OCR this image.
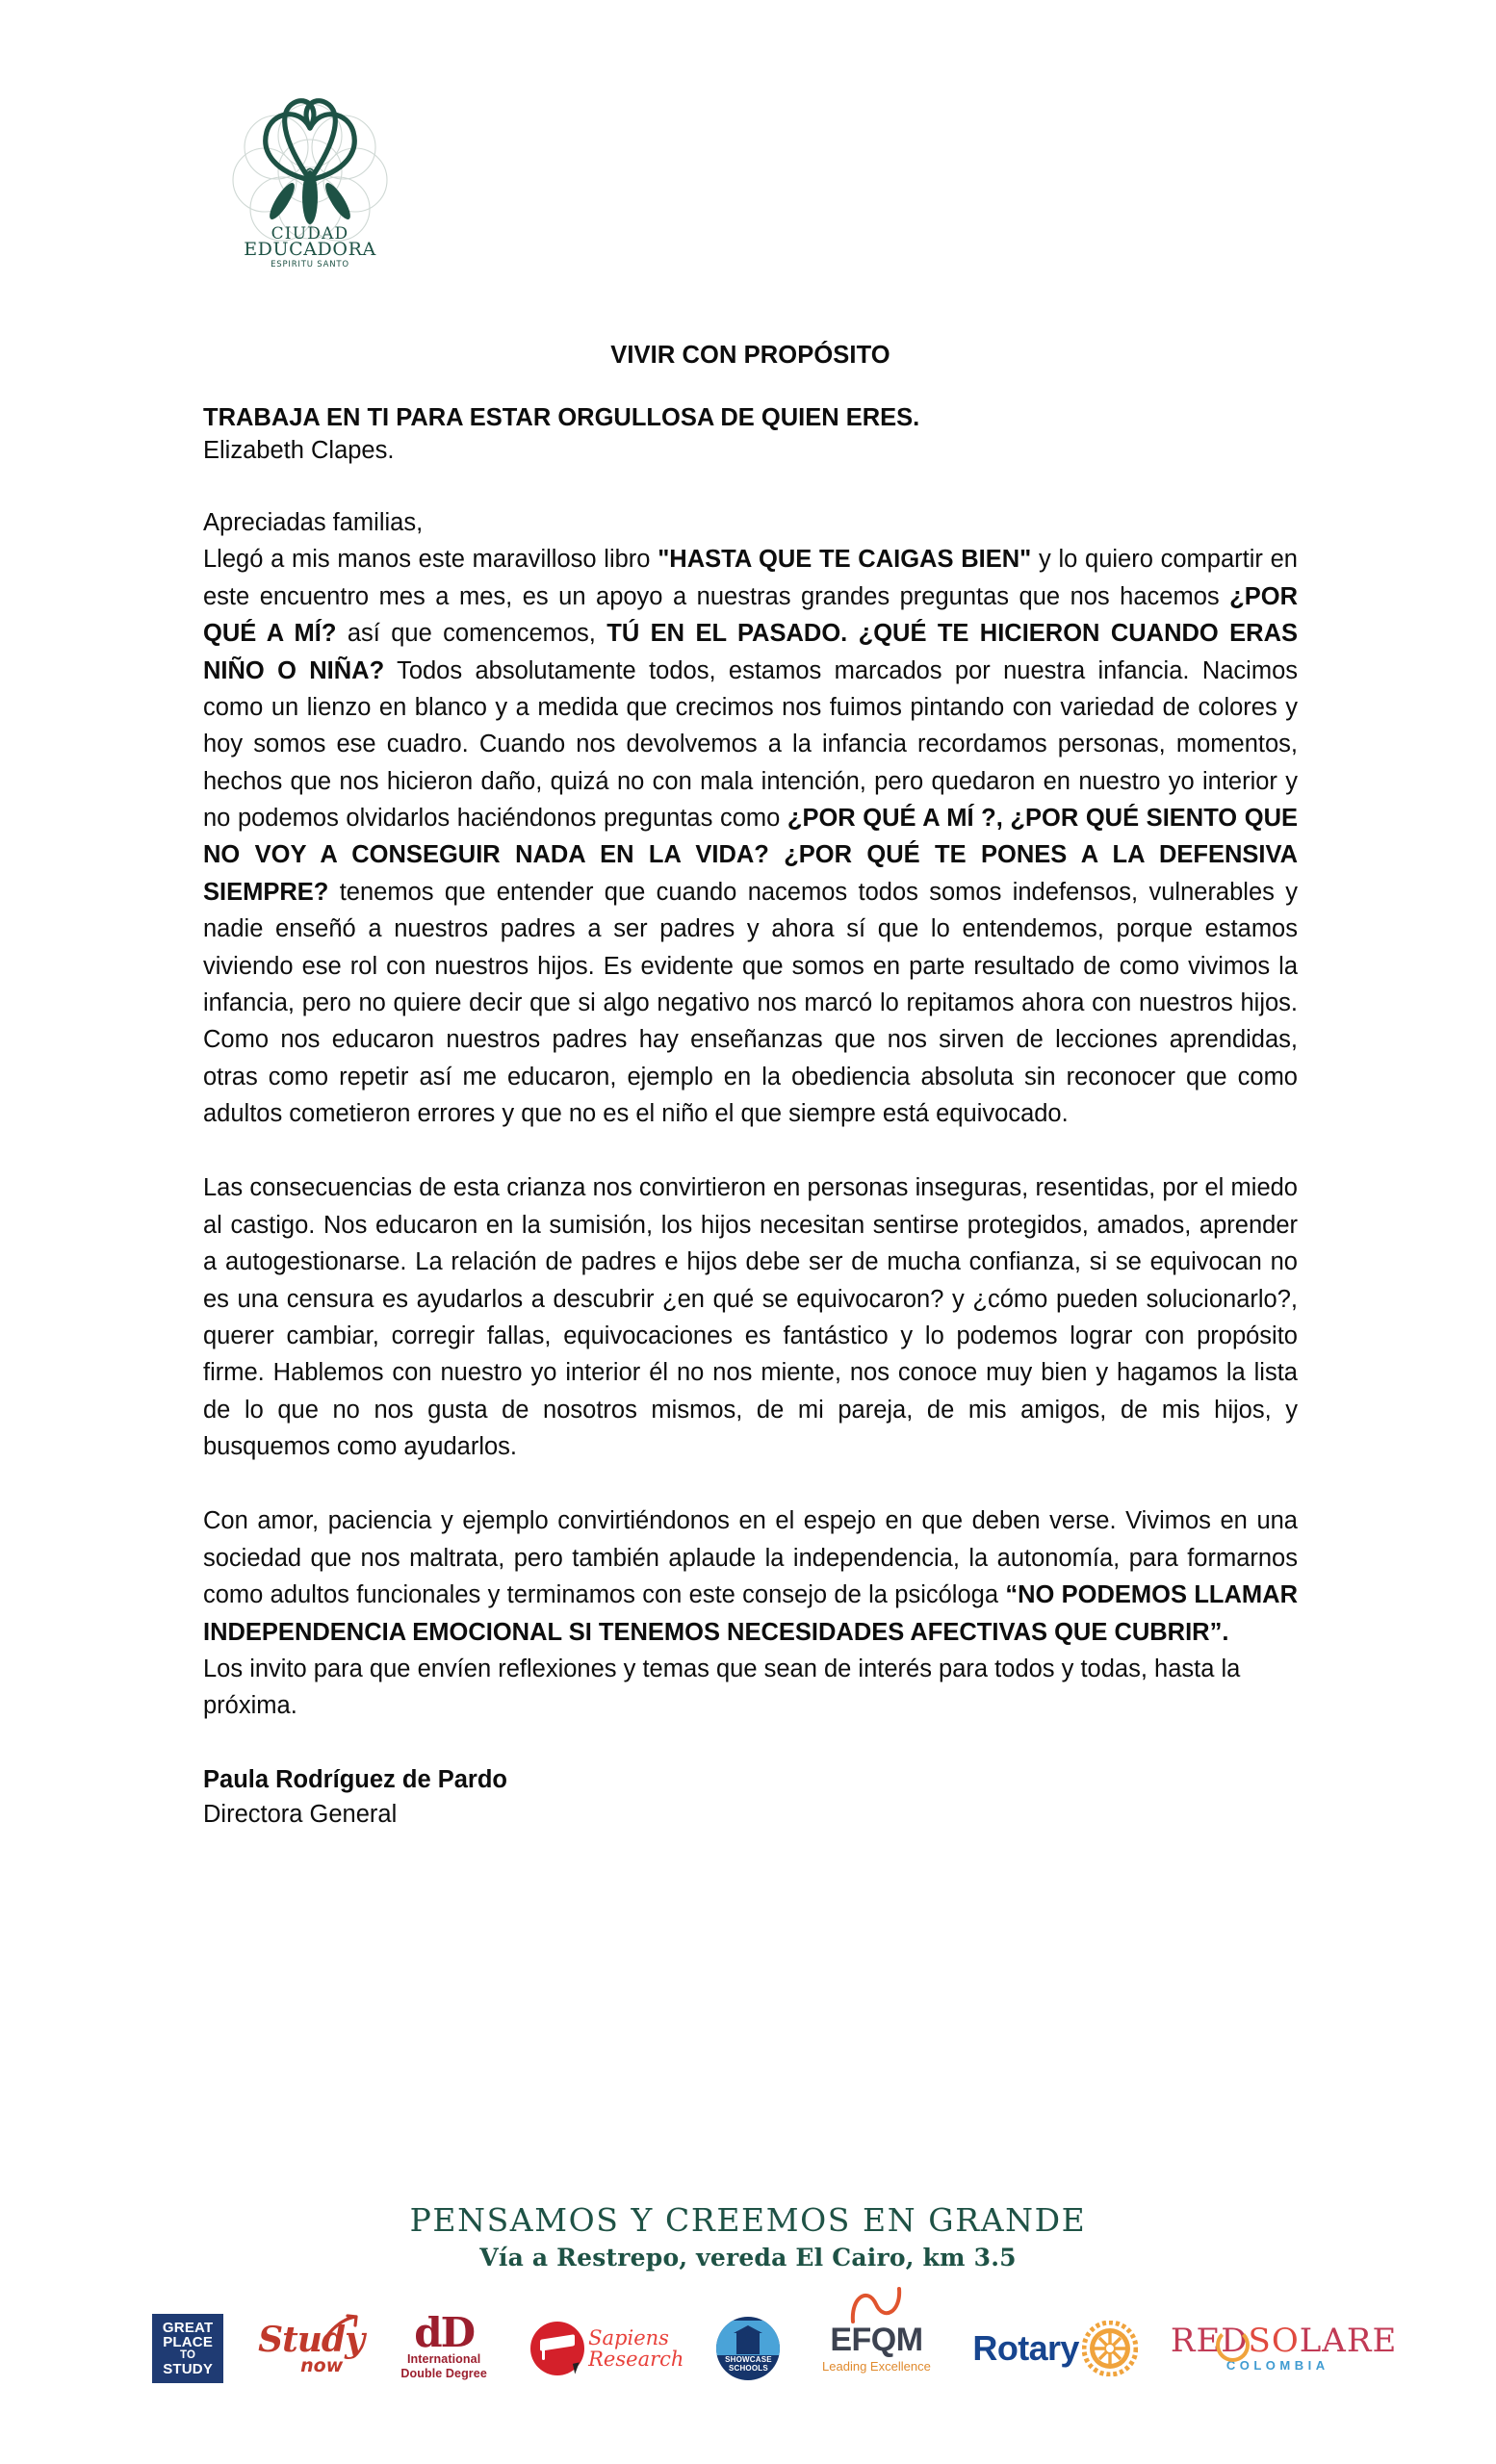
CIUDAD
EDUCADORA
ESPIRITU SANTO
VIVIR CON PROPÓSITO
TRABAJA EN TI PARA ESTAR ORGULLOSA DE QUIEN ERES.
Elizabeth Clapes.

Apreciadas familias,

Llegó a mis manos este maravilloso libro "HASTA QUE TE CAIGAS BIEN" y lo quiero compartir en este encuentro mes a mes, es un apoyo a nuestras grandes preguntas que nos hacemos ¿POR QUÉ A MÍ? así que comencemos, TÚ EN EL PASADO. ¿QUÉ TE HICIERON CUANDO ERAS NIÑO O NIÑA? Todos absolutamente todos, estamos marcados por nuestra infancia. Nacimos como un lienzo en blanco y a medida que crecimos nos fuimos pintando con variedad de colores y hoy somos ese cuadro. Cuando nos devolvemos a la infancia recordamos personas, momentos, hechos que nos hicieron daño, quizá no con mala intención, pero quedaron en nuestro yo interior y no podemos olvidarlos haciéndonos preguntas como ¿POR QUÉ A MÍ ?, ¿POR QUÉ SIENTO QUE NO VOY A CONSEGUIR NADA EN LA VIDA? ¿POR QUÉ TE PONES A LA DEFENSIVA SIEMPRE? tenemos que entender que cuando nacemos todos somos indefensos, vulnerables y nadie enseñó a nuestros padres a ser padres y ahora sí que lo entendemos, porque estamos viviendo ese rol con nuestros hijos. Es evidente que somos en parte resultado de como vivimos la infancia, pero no quiere decir que si algo negativo nos marcó lo repitamos ahora con nuestros hijos. Como nos educaron nuestros padres hay enseñanzas que nos sirven de lecciones aprendidas, otras como repetir así me educaron, ejemplo en la obediencia absoluta sin reconocer que como adultos cometieron errores y que no es el niño el que siempre está equivocado.

Las consecuencias de esta crianza nos convirtieron en personas inseguras, resentidas, por el miedo al castigo. Nos educaron en la sumisión, los hijos necesitan sentirse protegidos, amados, aprender a autogestionarse. La relación de padres e hijos debe ser de mucha confianza, si se equivocan no es una censura es ayudarlos a descubrir ¿en qué se equivocaron? y ¿cómo pueden solucionarlo?, querer cambiar, corregir fallas, equivocaciones es fantástico y lo podemos lograr con propósito firme. Hablemos con nuestro yo interior él no nos miente, nos conoce muy bien y hagamos la lista de lo que no nos gusta de nosotros mismos, de mi pareja, de mis amigos, de mis hijos, y busquemos como ayudarlos.

Con amor, paciencia y ejemplo convirtiéndonos en el espejo en que deben verse. Vivimos en una sociedad que nos maltrata, pero también aplaude la independencia, la autonomía, para formarnos como adultos funcionales y terminamos con este consejo de la psicóloga “NO PODEMOS LLAMAR INDEPENDENCIA EMOCIONAL SI TENEMOS NECESIDADES AFECTIVAS QUE CUBRIR”.

Los invito para que envíen reflexiones y temas que sean de interés para todos y todas, hasta la próxima.

Paula Rodríguez de Pardo
Directora General
PENSAMOS Y CREEMOS EN GRANDE
Vía a Restrepo, vereda El Cairo, km 3.5
GREAT
PLACE
TO
STUDY
Study
now
dD
International
Double Degree
Sapiens
Research	SHOWCASE
SCHOOLS
EFQM
Leading Excellence Rotary	REDSOLARE
COLOMBIA
